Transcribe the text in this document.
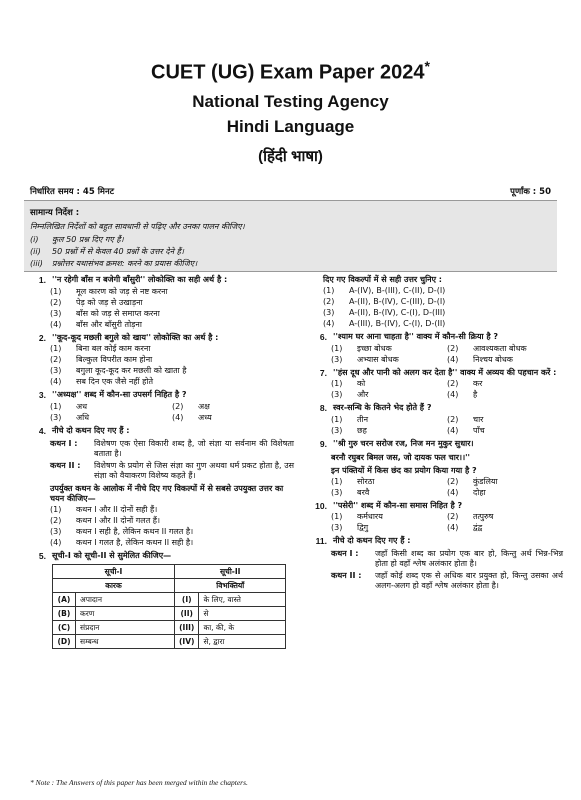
CUET (UG) Exam Paper 2024*
National Testing Agency
Hindi Language
(हिंदी भाषा)
निर्धारित समय : 45 मिनट	पूर्णांक : 50
सामान्य निर्देश :
निम्नलिखित निर्देशों को बहुत सावधानी से पढ़िए और उनका पालन कीजिए।
(i) कुल 50 प्रश्न दिए गए हैं।
(ii) 50 प्रश्नों में से केवल 40 प्रश्नों के उत्तर देने हैं।
(iii) प्रश्नोत्तर यथासंभव क्रमश: करने का प्रयास कीजिए।
1. ''न रहेगी बाँस न बजेगी बाँसुरी'' लोकोक्ति का सही अर्थ है :
(1)	मूल कारण को जड़ से नष्ट करना
(2)	पेड़ को जड़ से उखाड़ना
(3)	बाँस को जड़ से समाप्त करना
(4)	बाँस और बाँसुरी तोड़ना
2. ''कूद-कूद मछली बगुले को खाय'' लोकोक्ति का अर्थ है :
(1)	बिना बल कोई काम करना
(2)	बिल्कुल विपरीत काम होना
(3)	बगुला कूद-कूद कर मछली को खाता है
(4)	सब दिन एक जैसे नहीं होते
3. ''अध्यक्ष'' शब्द में कौन-सा उपसर्ग निहित है ?
(1)	अध	(2)	अक्ष
(3)	अधि	(4)	अध्य
4. नीचे दो कथन दिए गए हैं :
कथन I :	विशेषण एक ऐसा विकारी शब्द है, जो संज्ञा या सर्वनाम की विशेषता बताता है।
कथन II :	विशेषण के प्रयोग से जिस संज्ञा का गुण अथवा धर्म प्रकट होता है, उस संज्ञा को वैयाकरण विशेष्य कहते हैं।
उपर्युक्त कथन के आलोक में नीचे दिए गए विकल्पों में से सबसे उपयुक्त उत्तर का चयन कीजिए—
(1)	कथन I और II दोनों सही हैं।
(2)	कथन I और II दोनों गलत हैं।
(3)	कथन I सही है, लेकिन कथन II गलत है।
(4)	कथन I गलत है, लेकिन कथन II सही है।
5. सूची-I को सूची-II से सुमेलित कीजिए—
सूची-I		सूची-II	
कारक		विभक्तियाँ	
(A)	अपादान	(I)	के लिए, वास्ते
(B)	करण	(II)	से
(C)	संप्रदान	(III)	का, की, के
(D)	सम्बन्ध	(IV)	से, द्वारा
दिए गए विकल्पों में से सही उत्तर चुनिए :
(1)	A-(IV), B-(III), C-(II), D-(I)
(2)	A-(II), B-(IV), C-(III), D-(I)
(3)	A-(II), B-(IV), C-(I), D-(III)
(4)	A-(III), B-(IV), C-(I), D-(II)
6. ''श्याम घर आना चाहता है'' वाक्य में कौन-सी क्रिया है ?
(1)	इच्छा बोधक	(2)	आवश्यकता बोधक
(3)	अभ्यास बोधक	(4)	निश्चय बोधक
7. ''हंस दूध और पानी को अलग कर देता है'' वाक्य में अव्यय की पहचान करें :
(1)	को	(2)	कर
(3)	और	(4)	है
8. स्वर-सन्धि के कितने भेद होते हैं ?
(1)	तीन	(2)	चार
(3)	छह	(4)	पाँच
9. ''श्री गुरु चरन सरोज रज, निज मन मुकुर सुधार।
बरनौ रघुबर बिमल जस, जो दायक फल चार।।''
इन पंक्तियों में किस छंद का प्रयोग किया गया है ?
(1)	सोरठा	(2)	कुंडलिया
(3)	बरवै	(4)	दोहा
10. ''पसेरी'' शब्द में कौन-सा समास निहित है ?
(1)	कर्मधारय	(2)	तत्पुरुष
(3)	द्विगु	(4)	द्वंद्व
11. नीचे दो कथन दिए गए हैं :
कथन I :	जहाँ किसी शब्द का प्रयोग एक बार हो, किन्तु अर्थ भिन्न-भिन्न होता हो वहाँ श्लेष अलंकार होता है।
कथन II :	जहाँ कोई शब्द एक से अधिक बार प्रयुक्त हो, किन्तु उसका अर्थ अलग-अलग हो वहाँ श्लेष अलंकार होता है।
* Note : The Answers of this paper has been merged within the chapters.
